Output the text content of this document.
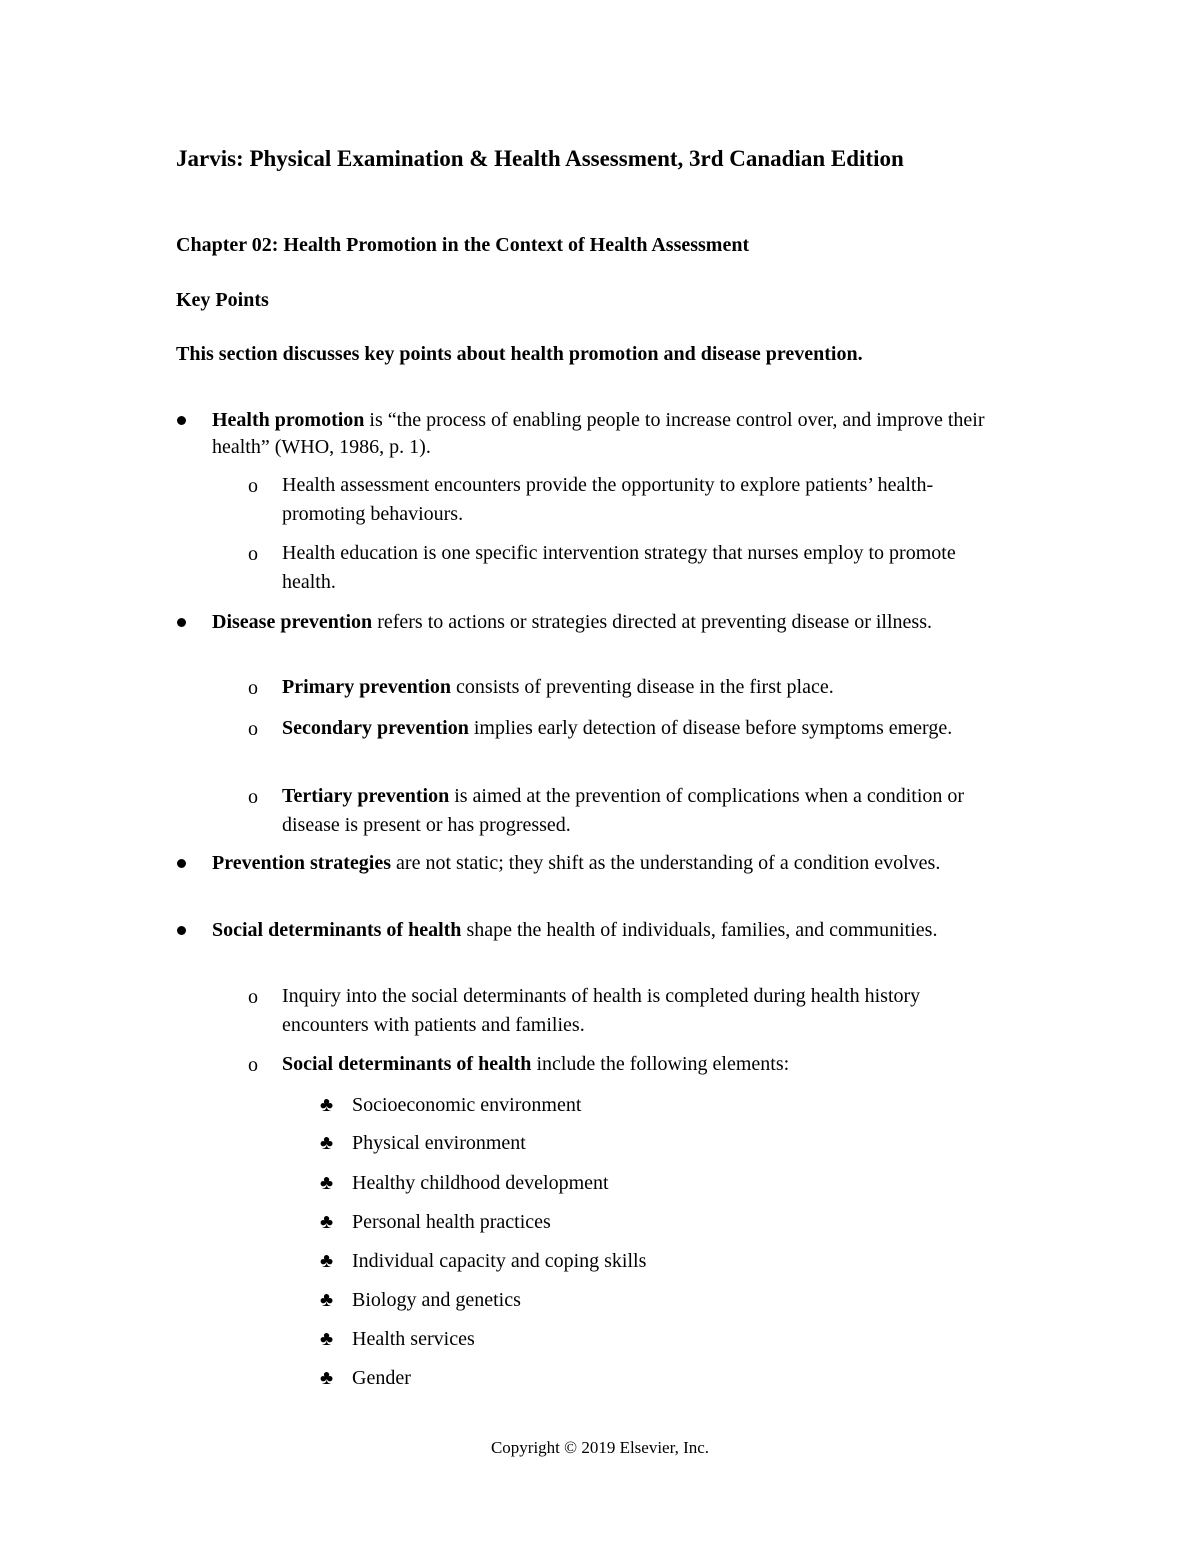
Jarvis: Physical Examination & Health Assessment, 3rd Canadian Edition

Chapter 02: Health Promotion in the Context of Health Assessment

Key Points

This section discusses key points about health promotion and disease prevention.

Health promotion is “the process of enabling people to increase control over, and improve their health” (WHO, 1986, p. 1).
o Health assessment encounters provide the opportunity to explore patients’ health-promoting behaviours.
o Health education is one specific intervention strategy that nurses employ to promote health.
Disease prevention refers to actions or strategies directed at preventing disease or illness.
o Primary prevention consists of preventing disease in the first place.
o Secondary prevention implies early detection of disease before symptoms emerge.
o Tertiary prevention is aimed at the prevention of complications when a condition or disease is present or has progressed.
Prevention strategies are not static; they shift as the understanding of a condition evolves.
Social determinants of health shape the health of individuals, families, and communities.
o Inquiry into the social determinants of health is completed during health history encounters with patients and families.
o Social determinants of health include the following elements:
♣ Socioeconomic environment
♣ Physical environment
♣ Healthy childhood development
♣ Personal health practices
♣ Individual capacity and coping skills
♣ Biology and genetics
♣ Health services
♣ Gender
Copyright © 2019 Elsevier, Inc.
